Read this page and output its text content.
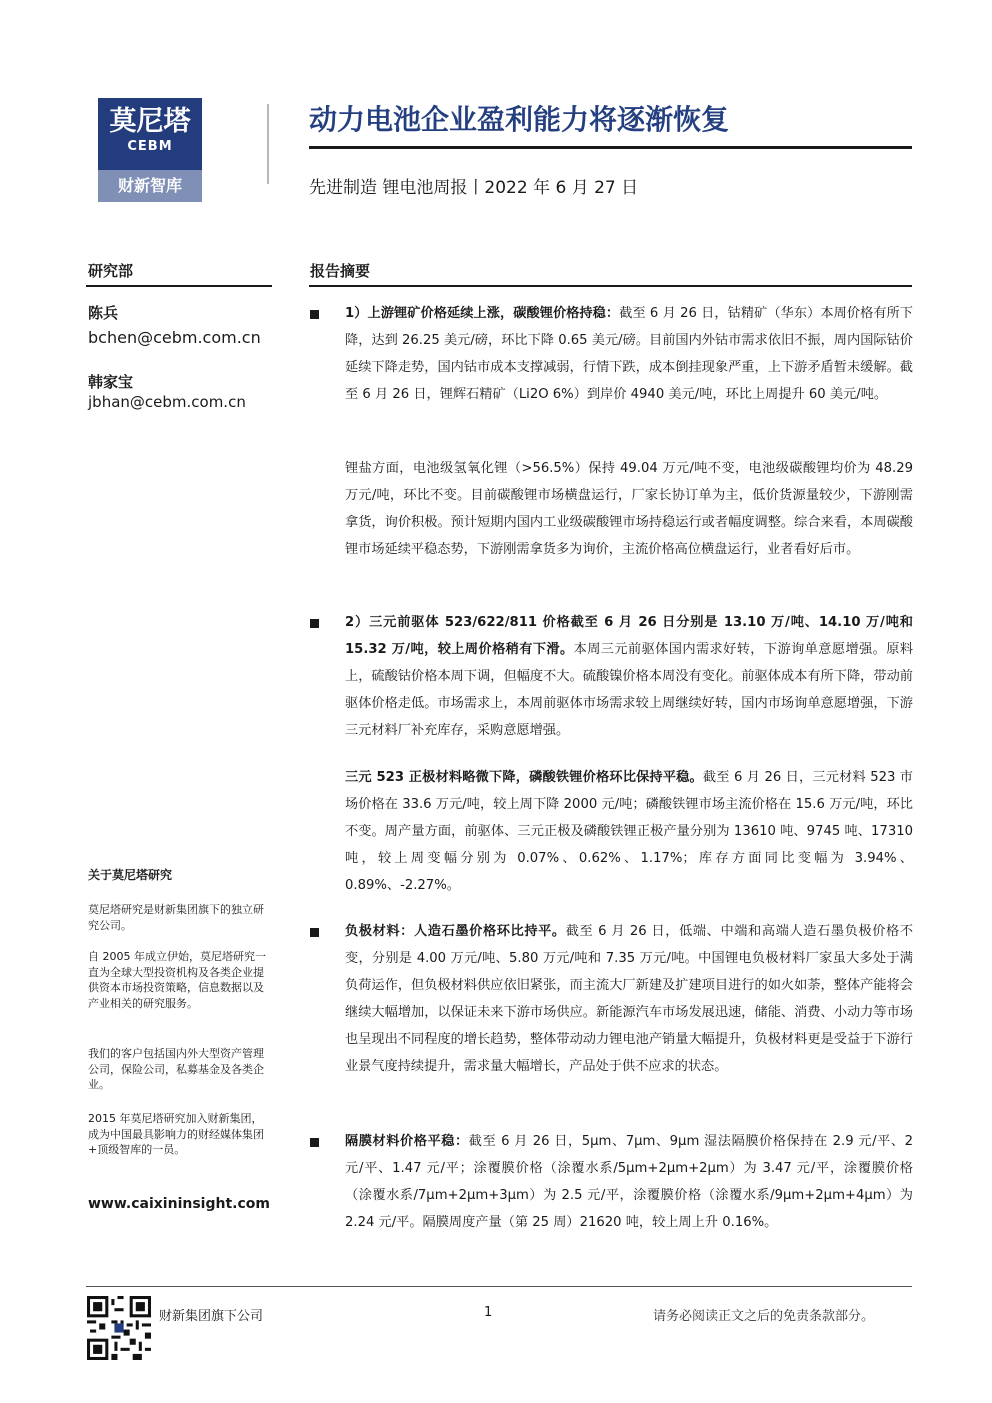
莫尼塔
CEBM
财新智库
动力电池企业盈利能力将逐渐恢复
先进制造 锂电池周报丨2022 年 6 月 27 日
研究部
陈兵
bchen@cebm.com.cn
韩家宝
jbhan@cebm.com.cn
关于莫尼塔研究
莫尼塔研究是财新集团旗下的独立研究公司。
自 2005 年成立伊始，莫尼塔研究一直为全球大型投资机构及各类企业提供资本市场投资策略，信息数据以及产业相关的研究服务。
我们的客户包括国内外大型资产管理公司，保险公司，私募基金及各类企业。
2015 年莫尼塔研究加入财新集团，成为中国最具影响力的财经媒体集团+顶级智库的一员。
www.caixininsight.com
报告摘要
1）上游锂矿价格延续上涨，碳酸锂价格持稳：截至 6 月 26 日，钴精矿（华东）本周价格有所下降，达到 26.25 美元/磅，环比下降 0.65 美元/磅。目前国内外钴市需求依旧不振，周内国际钴价延续下降走势，国内钴市成本支撑减弱，行情下跌，成本倒挂现象严重，上下游矛盾暂未缓解。截至 6 月 26 日，锂辉石精矿（Li2O 6%）到岸价 4940 美元/吨，环比上周提升 60 美元/吨。
锂盐方面，电池级氢氧化锂（>56.5%）保持 49.04 万元/吨不变，电池级碳酸锂均价为 48.29 万元/吨，环比不变。目前碳酸锂市场横盘运行，厂家长协订单为主，低价货源量较少，下游刚需拿货，询价积极。预计短期内国内工业级碳酸锂市场持稳运行或者幅度调整。综合来看，本周碳酸锂市场延续平稳态势，下游刚需拿货多为询价，主流价格高位横盘运行，业者看好后市。
2）三元前驱体 523/622/811 价格截至 6 月 26 日分别是 13.10 万/吨、14.10 万/吨和 15.32 万/吨，较上周价格稍有下滑。本周三元前驱体国内需求好转，下游询单意愿增强。原料上，硫酸钴价格本周下调，但幅度不大。硫酸镍价格本周没有变化。前驱体成本有所下降，带动前驱体价格走低。市场需求上，本周前驱体市场需求较上周继续好转，国内市场询单意愿增强，下游三元材料厂补充库存，采购意愿增强。
三元 523 正极材料略微下降，磷酸铁锂价格环比保持平稳。截至 6 月 26 日，三元材料 523 市场价格在 33.6 万元/吨，较上周下降 2000 元/吨；磷酸铁锂市场主流价格在 15.6 万元/吨，环比不变。周产量方面，前驱体、三元正极及磷酸铁锂正极产量分别为 13610 吨、9745 吨、17310 吨，较上周变幅分别为 0.07%、0.62%、1.17%；库存方面同比变幅为 3.94%、0.89%、-2.27%。
负极材料：人造石墨价格环比持平。截至 6 月 26 日，低端、中端和高端人造石墨负极价格不变，分别是 4.00 万元/吨、5.80 万元/吨和 7.35 万元/吨。中国锂电负极材料厂家虽大多处于满负荷运作，但负极材料供应依旧紧张，而主流大厂新建及扩建项目进行的如火如荼，整体产能将会继续大幅增加，以保证未来下游市场供应。新能源汽车市场发展迅速，储能、消费、小动力等市场也呈现出不同程度的增长趋势，整体带动动力锂电池产销量大幅提升，负极材料更是受益于下游行业景气度持续提升，需求量大幅增长，产品处于供不应求的状态。
隔膜材料价格平稳：截至 6 月 26 日，5μm、7μm、9μm 湿法隔膜价格保持在 2.9 元/平、2 元/平、1.47 元/平；涂覆膜价格（涂覆水系/5μm+2μm+2μm）为 3.47 元/平，涂覆膜价格（涂覆水系/7μm+2μm+3μm）为 2.5 元/平，涂覆膜价格（涂覆水系/9μm+2μm+4μm）为 2.24 元/平。隔膜周度产量（第 25 周）21620 吨，较上周上升 0.16%。
财新集团旗下公司	1	请务必阅读正文之后的免责条款部分。
